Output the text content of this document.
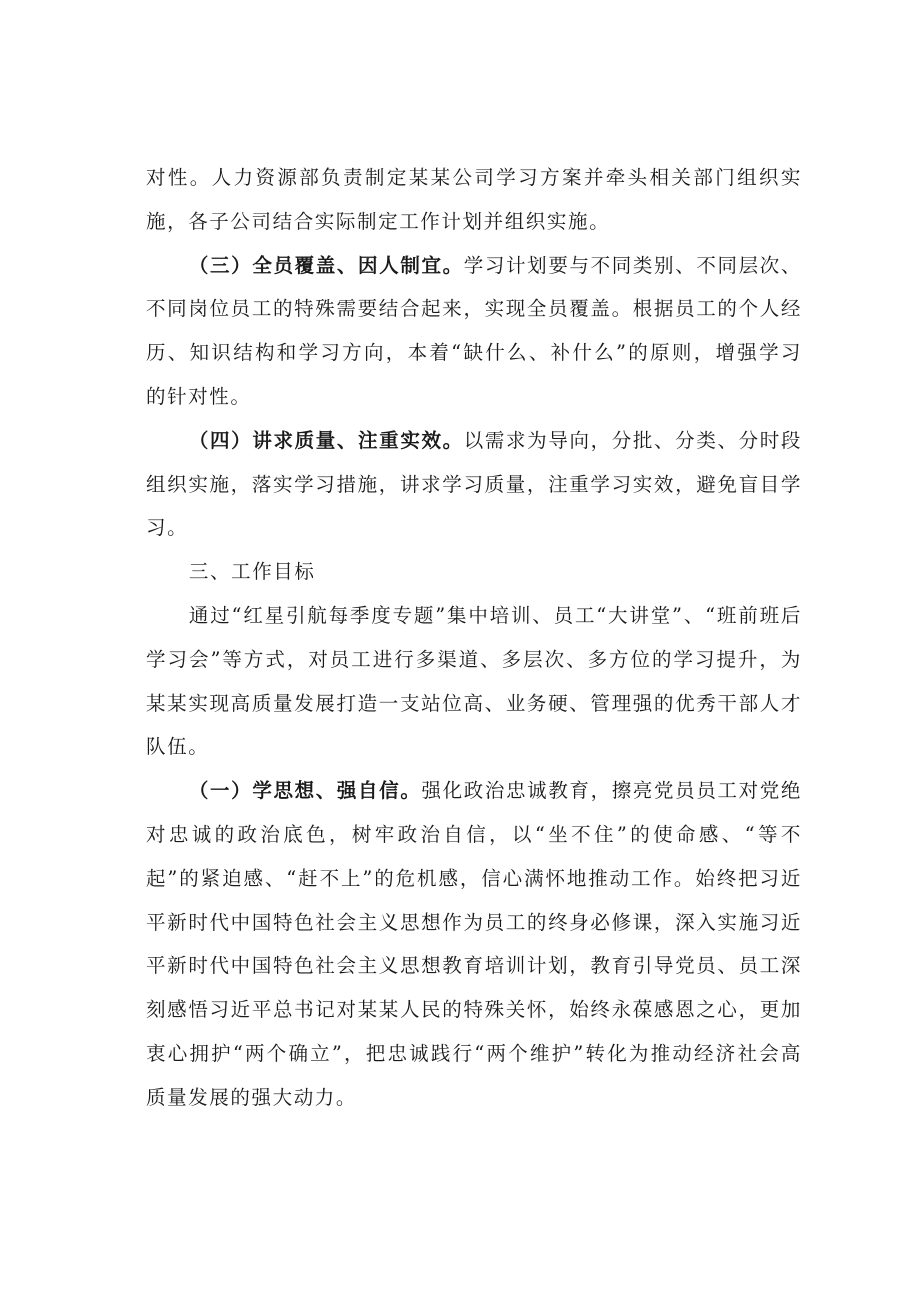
对性。人力资源部负责制定某某公司学习方案并牵头相关部门组织实施，各子公司结合实际制定工作计划并组织实施。

（三）全员覆盖、因人制宜。学习计划要与不同类别、不同层次、不同岗位员工的特殊需要结合起来，实现全员覆盖。根据员工的个人经历、知识结构和学习方向，本着“缺什么、补什么”的原则，增强学习的针对性。

（四）讲求质量、注重实效。以需求为导向，分批、分类、分时段组织实施，落实学习措施，讲求学习质量，注重学习实效，避免盲目学习。

三、工作目标

通过“红星引航每季度专题”集中培训、员工“大讲堂”、“班前班后学习会”等方式，对员工进行多渠道、多层次、多方位的学习提升，为某某实现高质量发展打造一支站位高、业务硬、管理强的优秀干部人才队伍。

（一）学思想、强自信。强化政治忠诚教育，擦亮党员员工对党绝对忠诚的政治底色，树牢政治自信，以“坐不住”的使命感、“等不起”的紧迫感、“赶不上”的危机感，信心满怀地推动工作。始终把习近平新时代中国特色社会主义思想作为员工的终身必修课，深入实施习近平新时代中国特色社会主义思想教育培训计划，教育引导党员、员工深刻感悟习近平总书记对某某人民的特殊关怀，始终永葆感恩之心，更加衷心拥护“两个确立”，把忠诚践行“两个维护”转化为推动经济社会高质量发展的强大动力。
